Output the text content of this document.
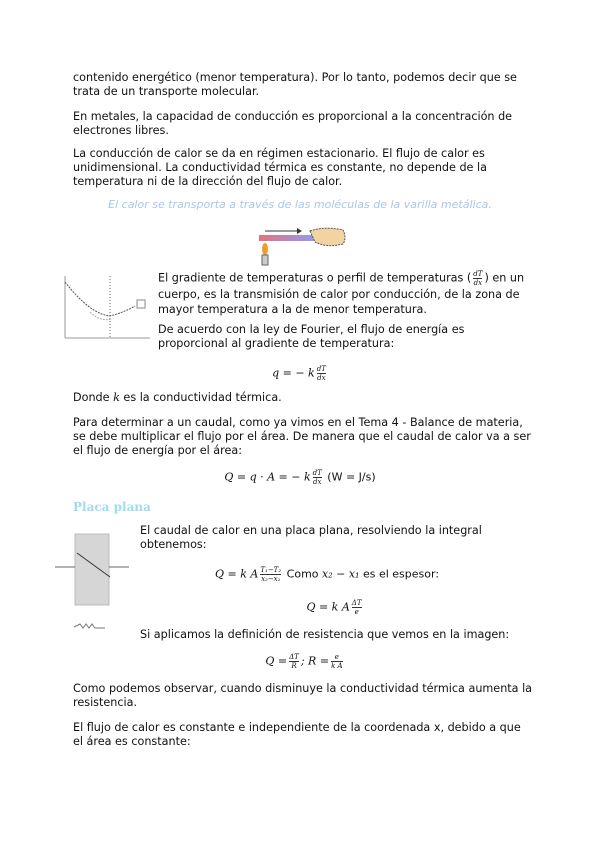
contenido energético (menor temperatura). Por lo tanto, podemos decir que se trata de un transporte molecular.
En metales, la capacidad de conducción es proporcional a la concentración de electrones libres.
La conducción de calor se da en régimen estacionario. El flujo de calor es unidimensional. La conductividad térmica es constante, no depende de la temperatura ni de la dirección del flujo de calor.
El calor se transporta a través de las moléculas de la varilla metálica.
El gradiente de temperaturas o perfil de temperaturas ( $\frac{dT}{dx}$ ) en un cuerpo, es la transmisión de calor por conducción, de la zona de mayor temperatura a la de menor temperatura.
De acuerdo con la ley de Fourier, el flujo de energía es proporcional al gradiente de temperatura:
q = − k $\frac{dT}{dx}$
Donde k es la conductividad térmica.
Para determinar a un caudal, como ya vimos en el Tema 4 - Balance de materia, se debe multiplicar el flujo por el área. De manera que el caudal de calor va a ser el flujo de energía por el área:
Q = q · A = − k $\frac{dT}{dx} (W = J/s)$
Placa plana
El caudal de calor en una placa plana, resolviendo la integral obtenemos:
Q = k A $\frac{\text{T₁−T₂}}{\text{x₂−x₁}}$ Como x₂ − x₁ es el espesor:
Q = k A $\frac{\Delta T}{e}$
Si aplicamos la definición de resistencia que vemos en la imagen:
$Q = \frac{\Delta T}{R}$ ; $R = \frac{e}{\text{k A}}$
Como podemos observar, cuando disminuye la conductividad térmica aumenta la resistencia.
El flujo de calor es constante e independiente de la coordenada x, debido a que el área es constante:
